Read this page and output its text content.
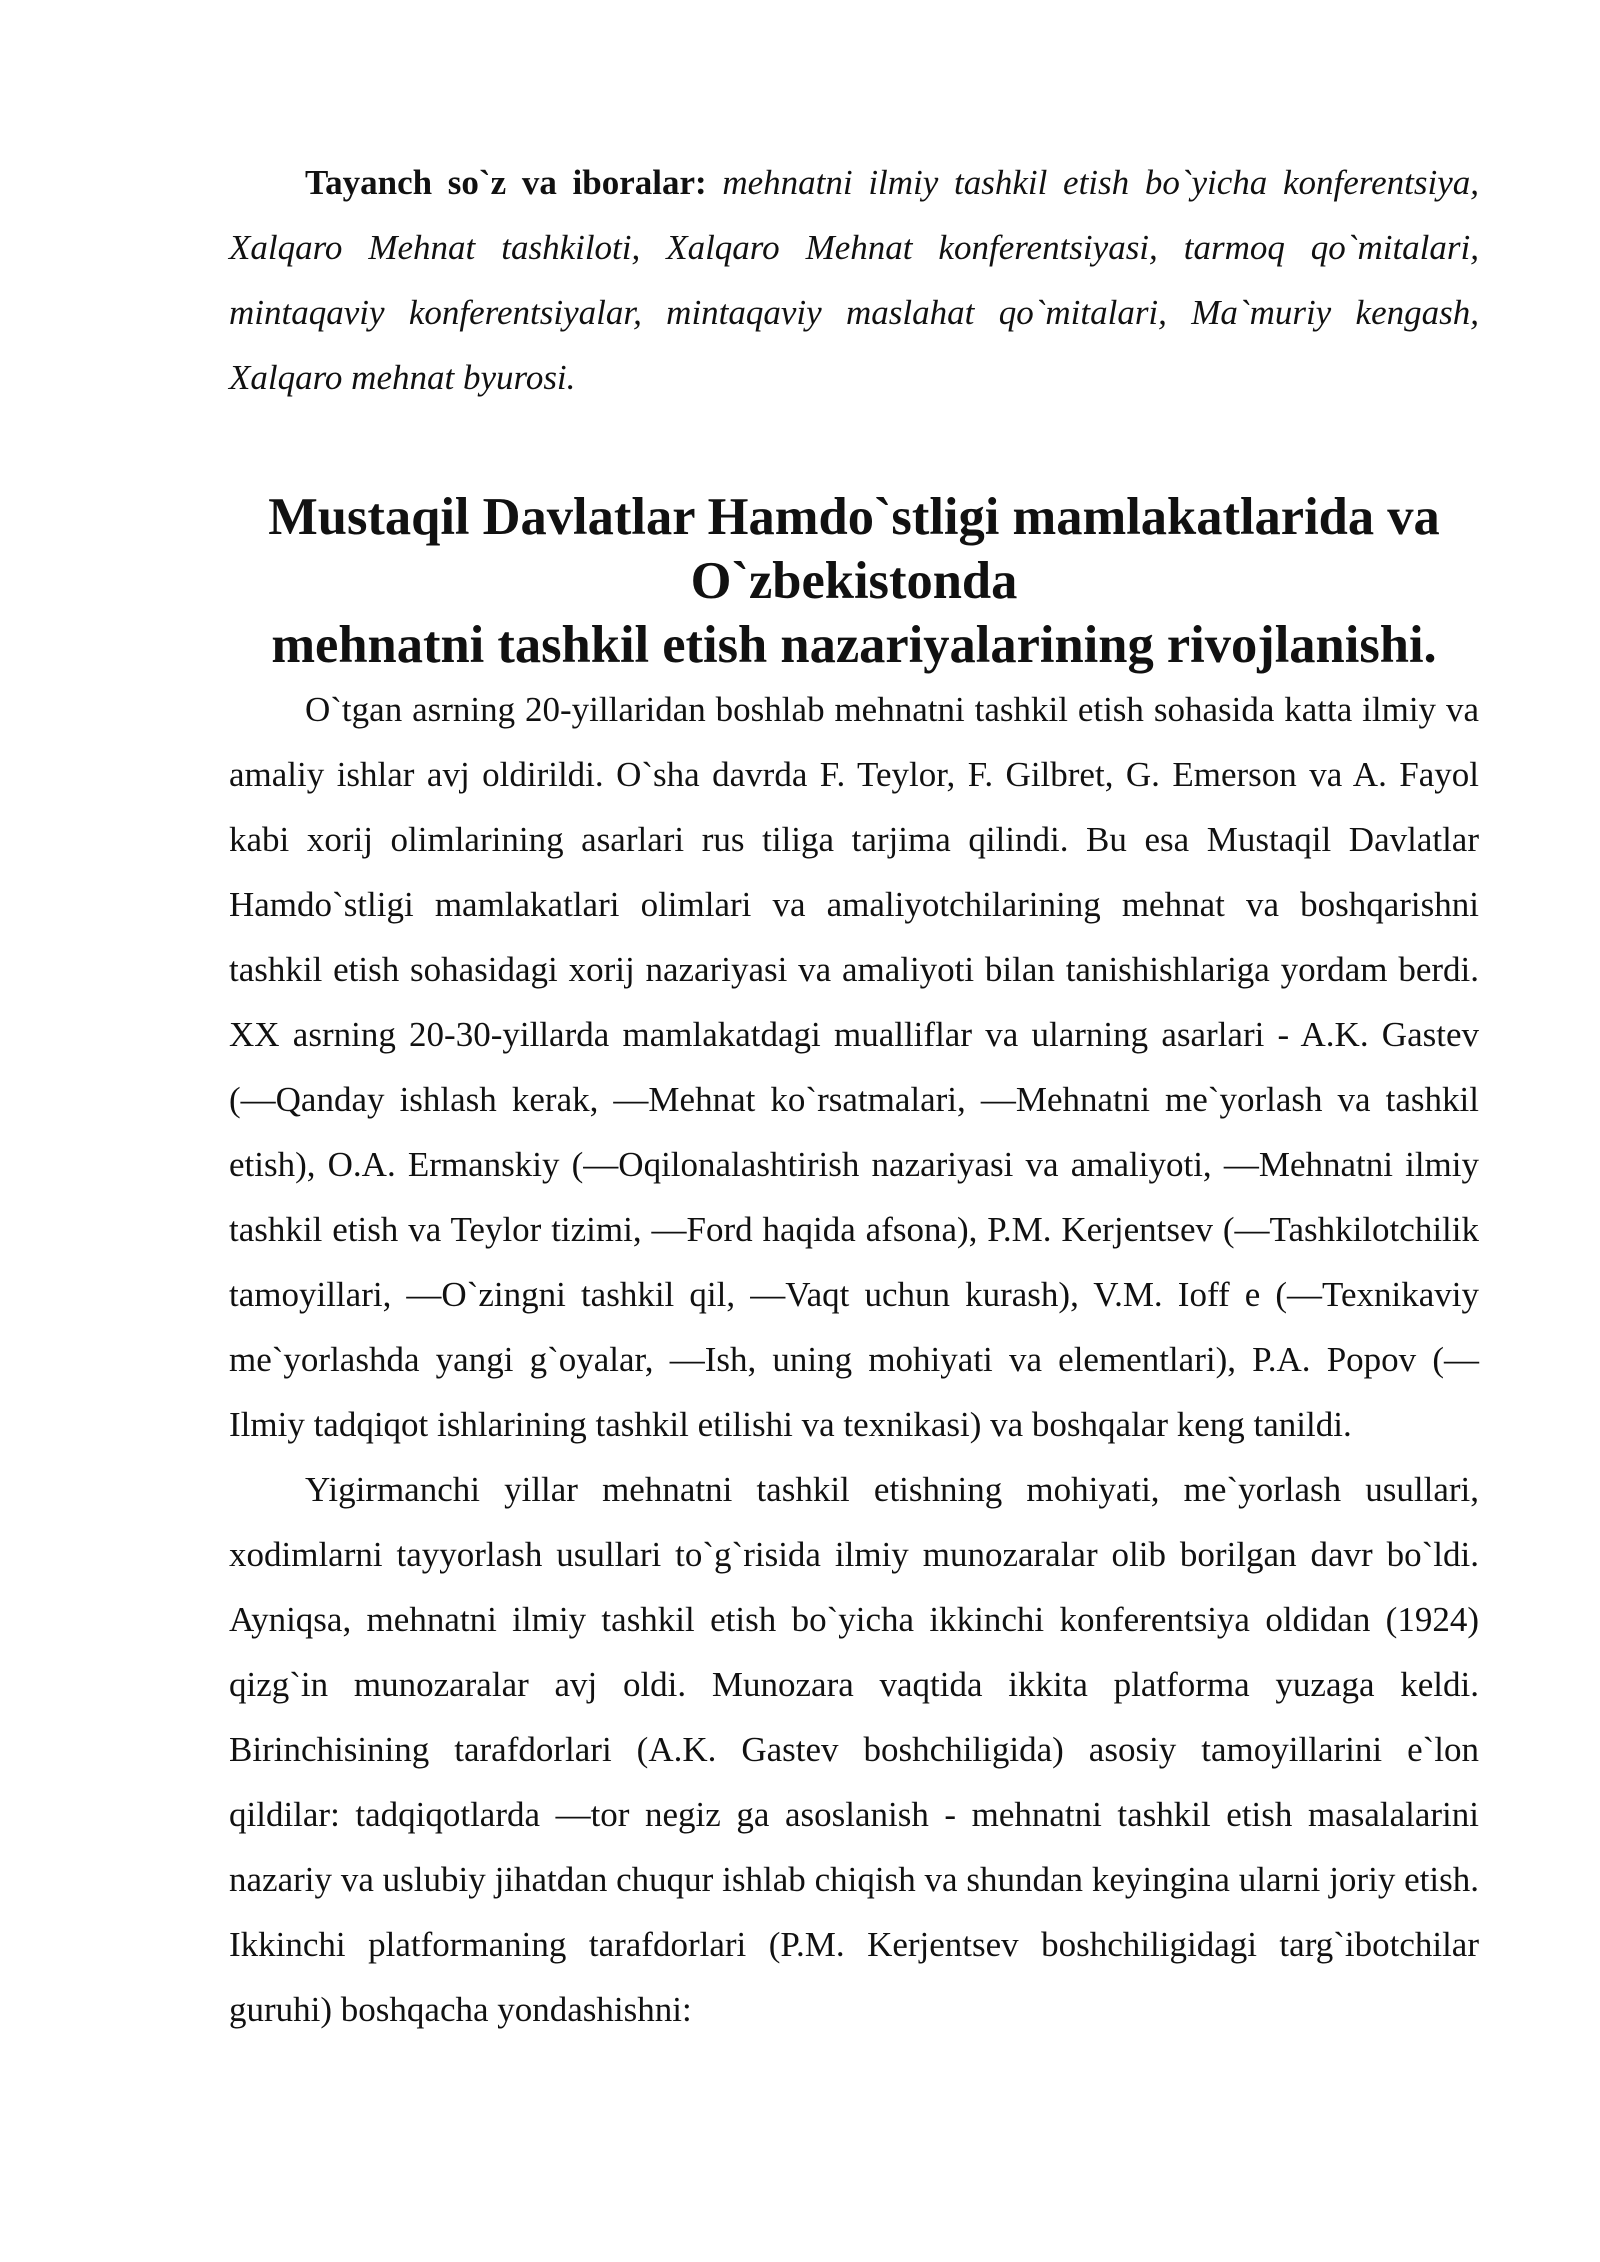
Tayanch so`z va iboralar: mehnatni ilmiy tashkil etish bo`yicha konferentsiya, Xalqaro Mehnat tashkiloti, Xalqaro Mehnat konferentsiyasi, tarmoq qo`mitalari, mintaqaviy konferentsiyalar, mintaqaviy maslahat qo`mitalari, Ma`muriy kengash, Xalqaro mehnat byurosi.

Mustaqil Davlatlar Hamdo`stligi mamlakatlarida va O`zbekistonda
mehnatni tashkil etish nazariyalarining rivojlanishi.

O`tgan asrning 20-yillaridan boshlab mehnatni tashkil etish sohasida katta ilmiy va amaliy ishlar avj oldirildi. O`sha davrda F. Teylor, F. Gilbret, G. Emerson va A. Fayol kabi xorij olimlarining asarlari rus tiliga tarjima qilindi. Bu esa Mustaqil Davlatlar Hamdo`stligi mamlakatlari olimlari va amaliyotchilarining mehnat va boshqarishni tashkil etish sohasidagi xorij nazariyasi va amaliyoti bilan tanishishlariga yordam berdi. XX asrning 20-30-yillarda mamlakatdagi mualliflar va ularning asarlari - A.K. Gastev (—Qanday ishlash kerak, —Mehnat ko`rsatmalari, —Mehnatni me`yorlash va tashkil etish), O.A. Ermanskiy (—Oqilonalashtirish nazariyasi va amaliyoti, —Mehnatni ilmiy tashkil etish va Teylor tizimi, —Ford haqida afsona), P.M. Kerjentsev (—Tashkilotchilik tamoyillari, —O`zingni tashkil qil, —Vaqt uchun kurash), V.M. Ioff e (—Texnikaviy me`yorlashda yangi g`oyalar, —Ish, uning mohiyati va elementlari), P.A. Popov (—Ilmiy tadqiqot ishlarining tashkil etilishi va texnikasi) va boshqalar keng tanildi.

Yigirmanchi yillar mehnatni tashkil etishning mohiyati, me`yorlash usullari, xodimlarni tayyorlash usullari to`g`risida ilmiy munozaralar olib borilgan davr bo`ldi. Ayniqsa, mehnatni ilmiy tashkil etish bo`yicha ikkinchi konferentsiya oldidan (1924) qizg`in munozaralar avj oldi. Munozara vaqtida ikkita platforma yuzaga keldi. Birinchisining tarafdorlari (A.K. Gastev boshchiligida) asosiy tamoyillarini e`lon qildilar: tadqiqotlarda —tor negiz ga asoslanish - mehnatni tashkil etish masalalarini nazariy va uslubiy jihatdan chuqur ishlab chiqish va shundan keyingina ularni joriy etish. Ikkinchi platformaning tarafdorlari (P.M. Kerjentsev boshchiligidagi targ`ibotchilar guruhi) boshqacha yondashishni:
